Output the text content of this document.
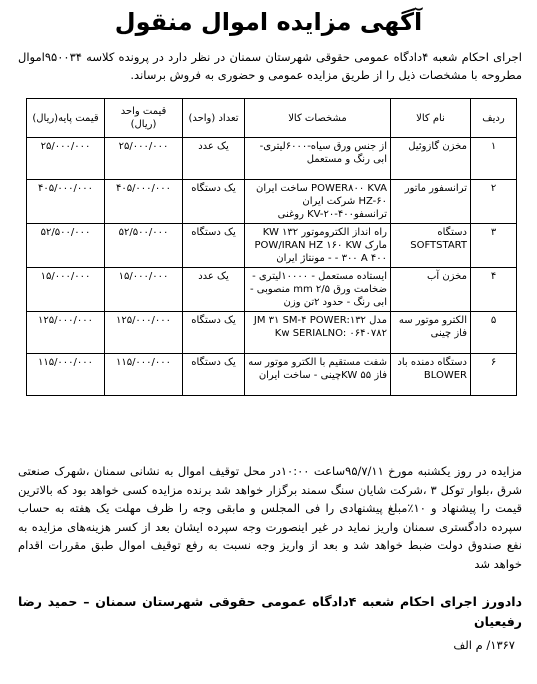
آگهی مزایده اموال منقول
اجرای احکام شعبه ۴دادگاه عمومی حقوقی شهرستان سمنان در نظر دارد در پرونده کلاسه ۹۵۰۰۳۴اموال مطروحه با مشخصات ذیل را از طریق مزایده عمومی و حضوری به فروش برساند.
ردیف	نام کالا	مشخصات کالا	تعداد (واحد)	قیمت واحد (ریال)	قیمت پایه(ریال)
۱	مخزن گازوئیل	از جنس ورق سیاه-۶۰۰۰لیتری- ابی رنگ و مستعمل	یک عدد	۲۵/۰۰۰/۰۰۰	۲۵/۰۰۰/۰۰۰
۲	ترانسفور ماتور	POWER۸۰۰ KVA ساخت ایران HZ-۶۰ شرکت ایران ترانسفو۴۰۰-KV-۲۰ روغنی	یک دستگاه	۴۰۵/۰۰۰/۰۰۰	۴۰۵/۰۰۰/۰۰۰
۳	دستگاه SOFTSTART	راه انداز الکتروموتور ۱۳۲ KW مارک POW/IRAN HZ ۱۶۰ KW - ۳۰۰ A ۴۰۰ - مونتاژ ایران	یک دستگاه	۵۲/۵۰۰/۰۰۰	۵۲/۵۰۰/۰۰۰
۴	مخزن آب	ایستاده مستعمل - ۱۰۰۰۰لیتری - ضخامت ورق ۲/۵ mm منصوبی - ابی رنگ - حدود ۲تن وزن	یک عدد	۱۵/۰۰۰/۰۰۰	۱۵/۰۰۰/۰۰۰
۵	الکترو موتور سه فاز چینی	مدل JM ۳۱ SM-۴ POWER:۱۳۲ Kw SERIALNO: ۰۶۴۰۷۸۲	یک دستگاه	۱۲۵/۰۰۰/۰۰۰	۱۲۵/۰۰۰/۰۰۰
۶	دستگاه دمنده باد BLOWER	شفت مستقیم با الکترو موتور سه فاز KW ۵۵چینی - ساخت ایران	یک دستگاه	۱۱۵/۰۰۰/۰۰۰	۱۱۵/۰۰۰/۰۰۰
مزایده در روز یکشنبه مورخ ۹۵/۷/۱۱ساعت ۱۰:۰۰در محل توقیف اموال به نشانی سمنان ،شهرک صنعتی شرق ،بلوار توکل ۳ ،شرکت شایان سنگ سمند برگزار خواهد شد برنده مزایده کسی خواهد بود که بالاترین قیمت را پیشنهاد و ۱۰٪مبلغ پیشنهادی را فی المجلس و مابقی وجه را ظرف مهلت یک هفته به حساب سپرده دادگستری سمنان واریز نماید در غیر اینصورت وجه سپرده ایشان بعد از کسر هزینه‌های مزایده به نفع صندوق دولت ضبط خواهد شد و بعد از واریز وجه نسبت به رفع توقیف اموال طبق مقررات اقدام خواهد شد
دادورز اجرای احکام شعبه ۴دادگاه عمومی حقوقی شهرستان سمنان – حمید رضا رفیعیان
۱۳۶۷/ م الف
